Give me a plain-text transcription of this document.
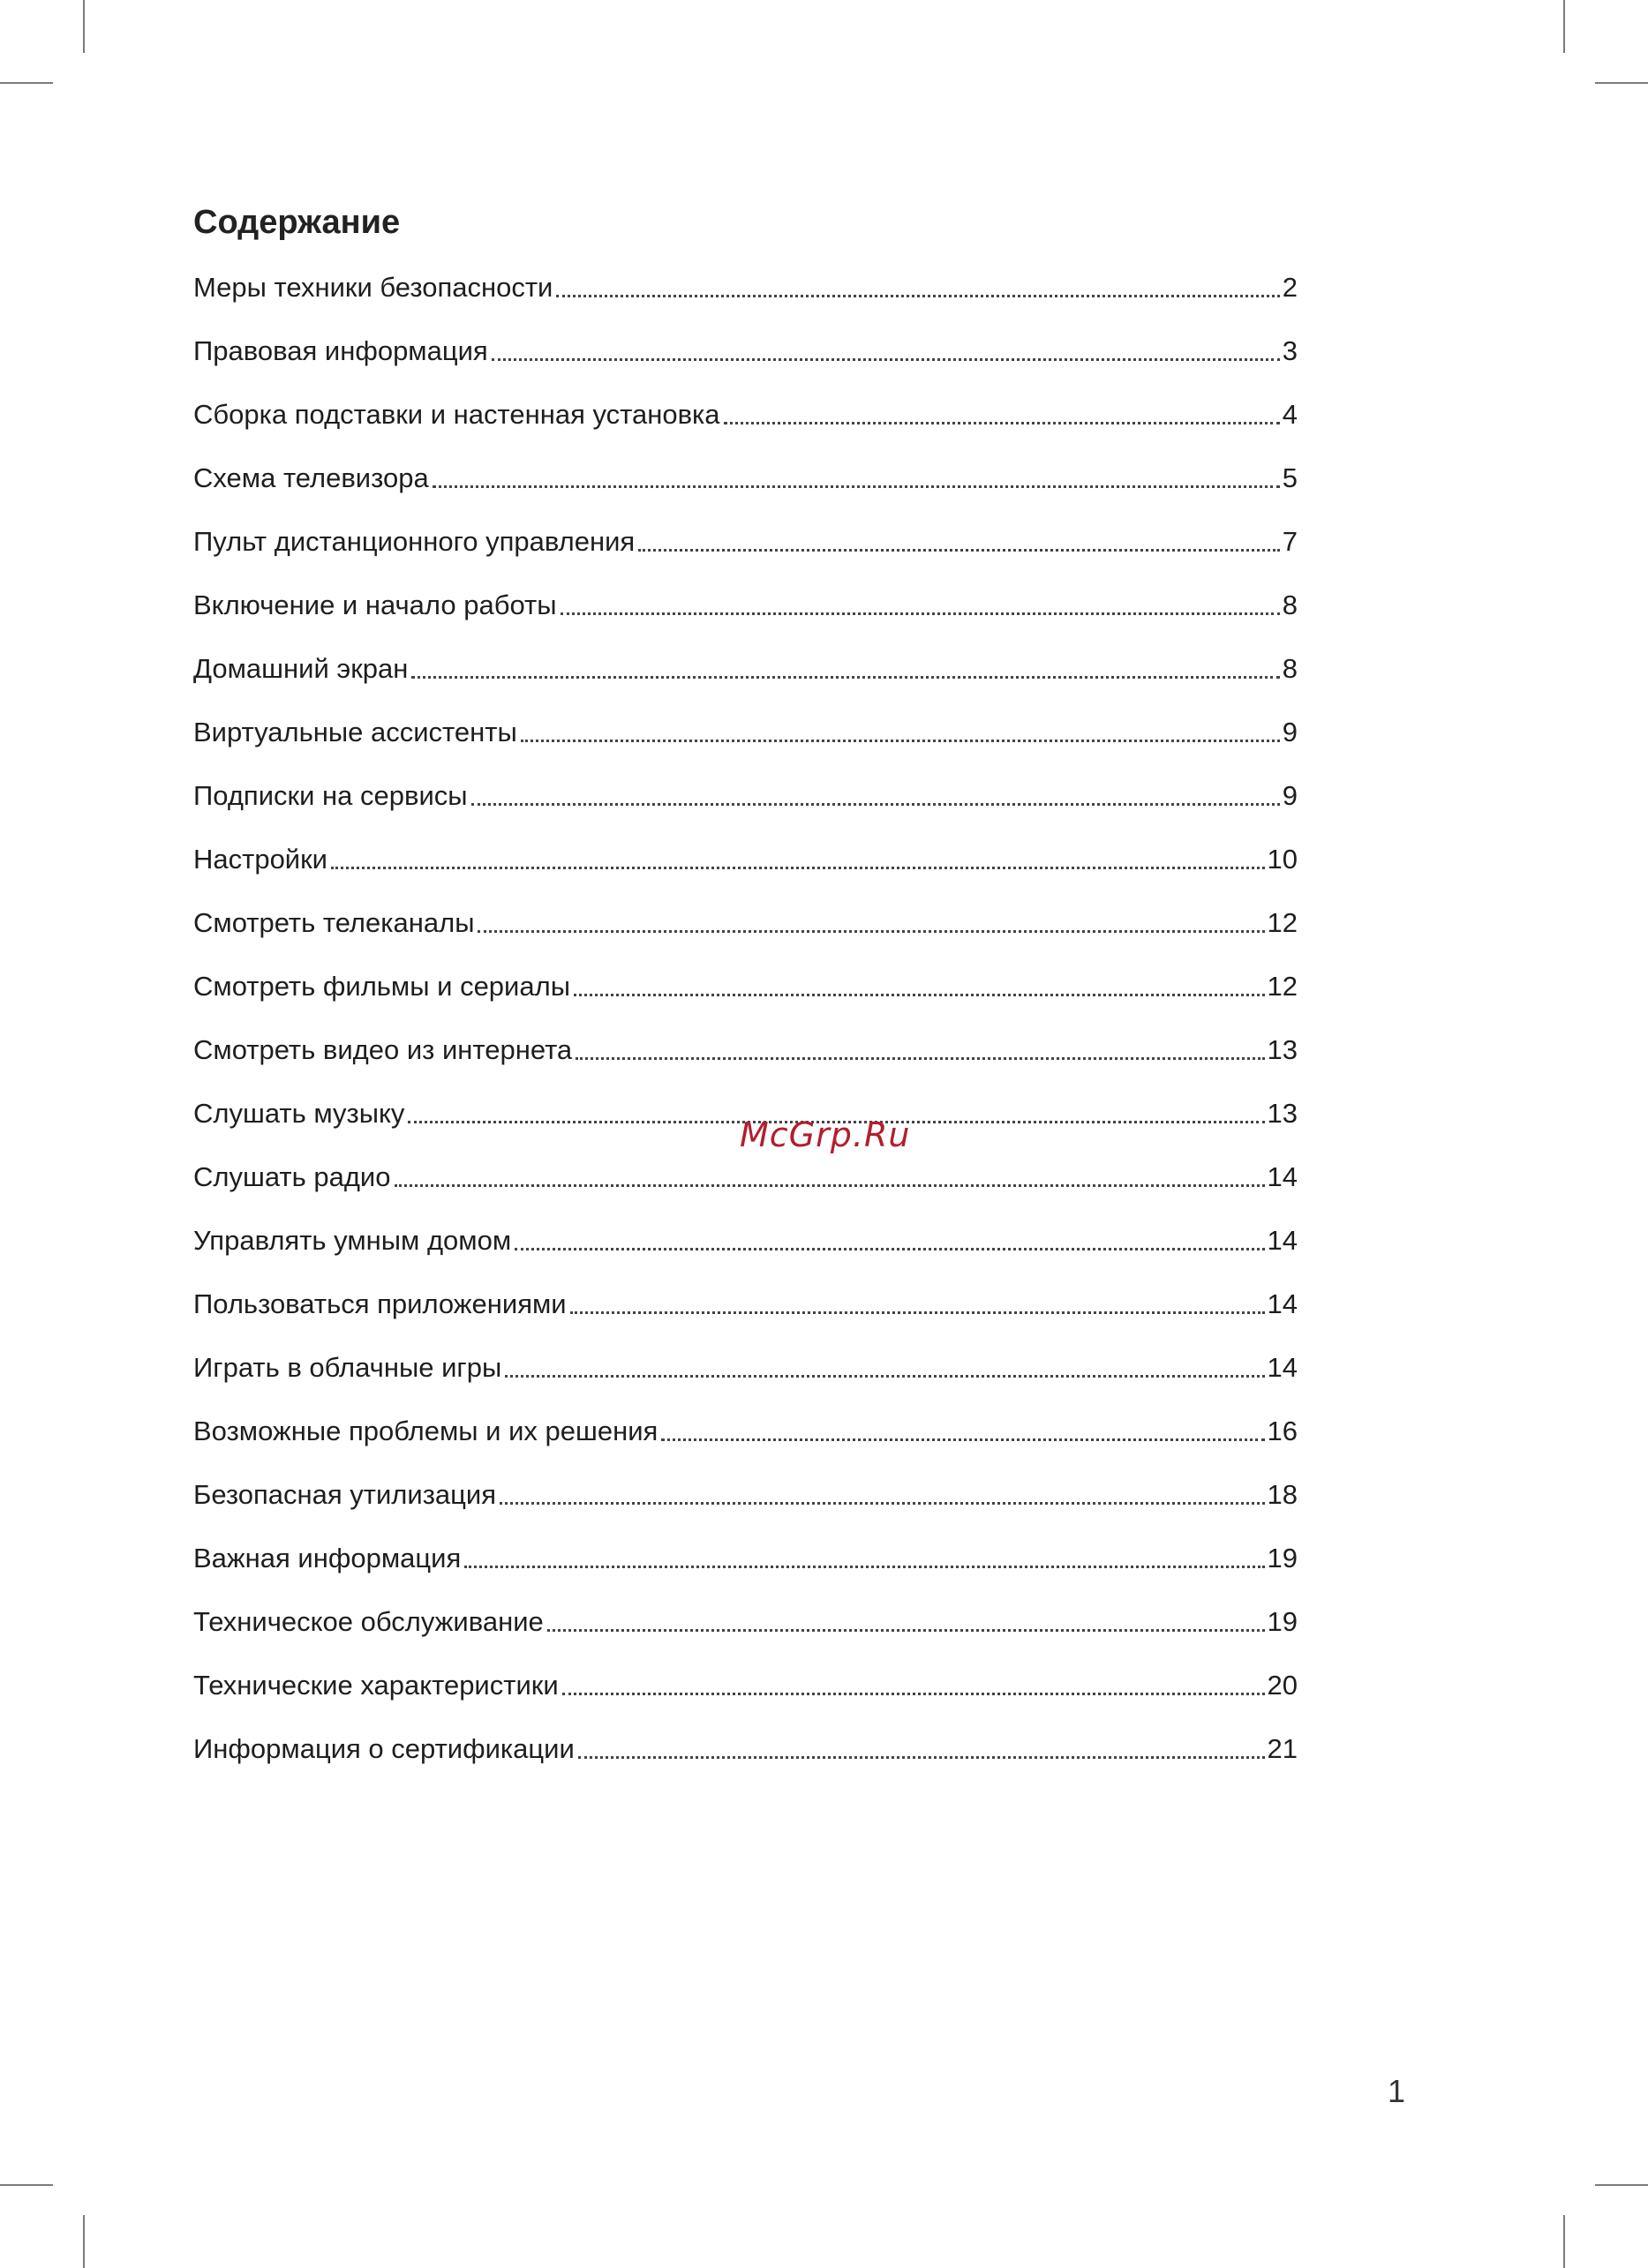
Содержание
Меры техники безопасности	2
Правовая информация	3
Сборка подставки и настенная установка	4
Схема телевизора	5
Пульт дистанционного управления	7
Включение и начало работы	8
Домашний экран	8
Виртуальные ассистенты	9
Подписки на сервисы	9
Настройки	10
Смотреть телеканалы	12
Смотреть фильмы и сериалы	12
Смотреть видео из интернета	13
Слушать музыку	13
Слушать радио	14
Управлять умным домом	14
Пользоваться приложениями	14
Играть в облачные игры	14
Возможные проблемы и их решения	16
Безопасная утилизация	18
Важная информация	19
Техническое обслуживание	19
Технические характеристики	20
Информация о сертификации	21
McGrp.Ru
1
